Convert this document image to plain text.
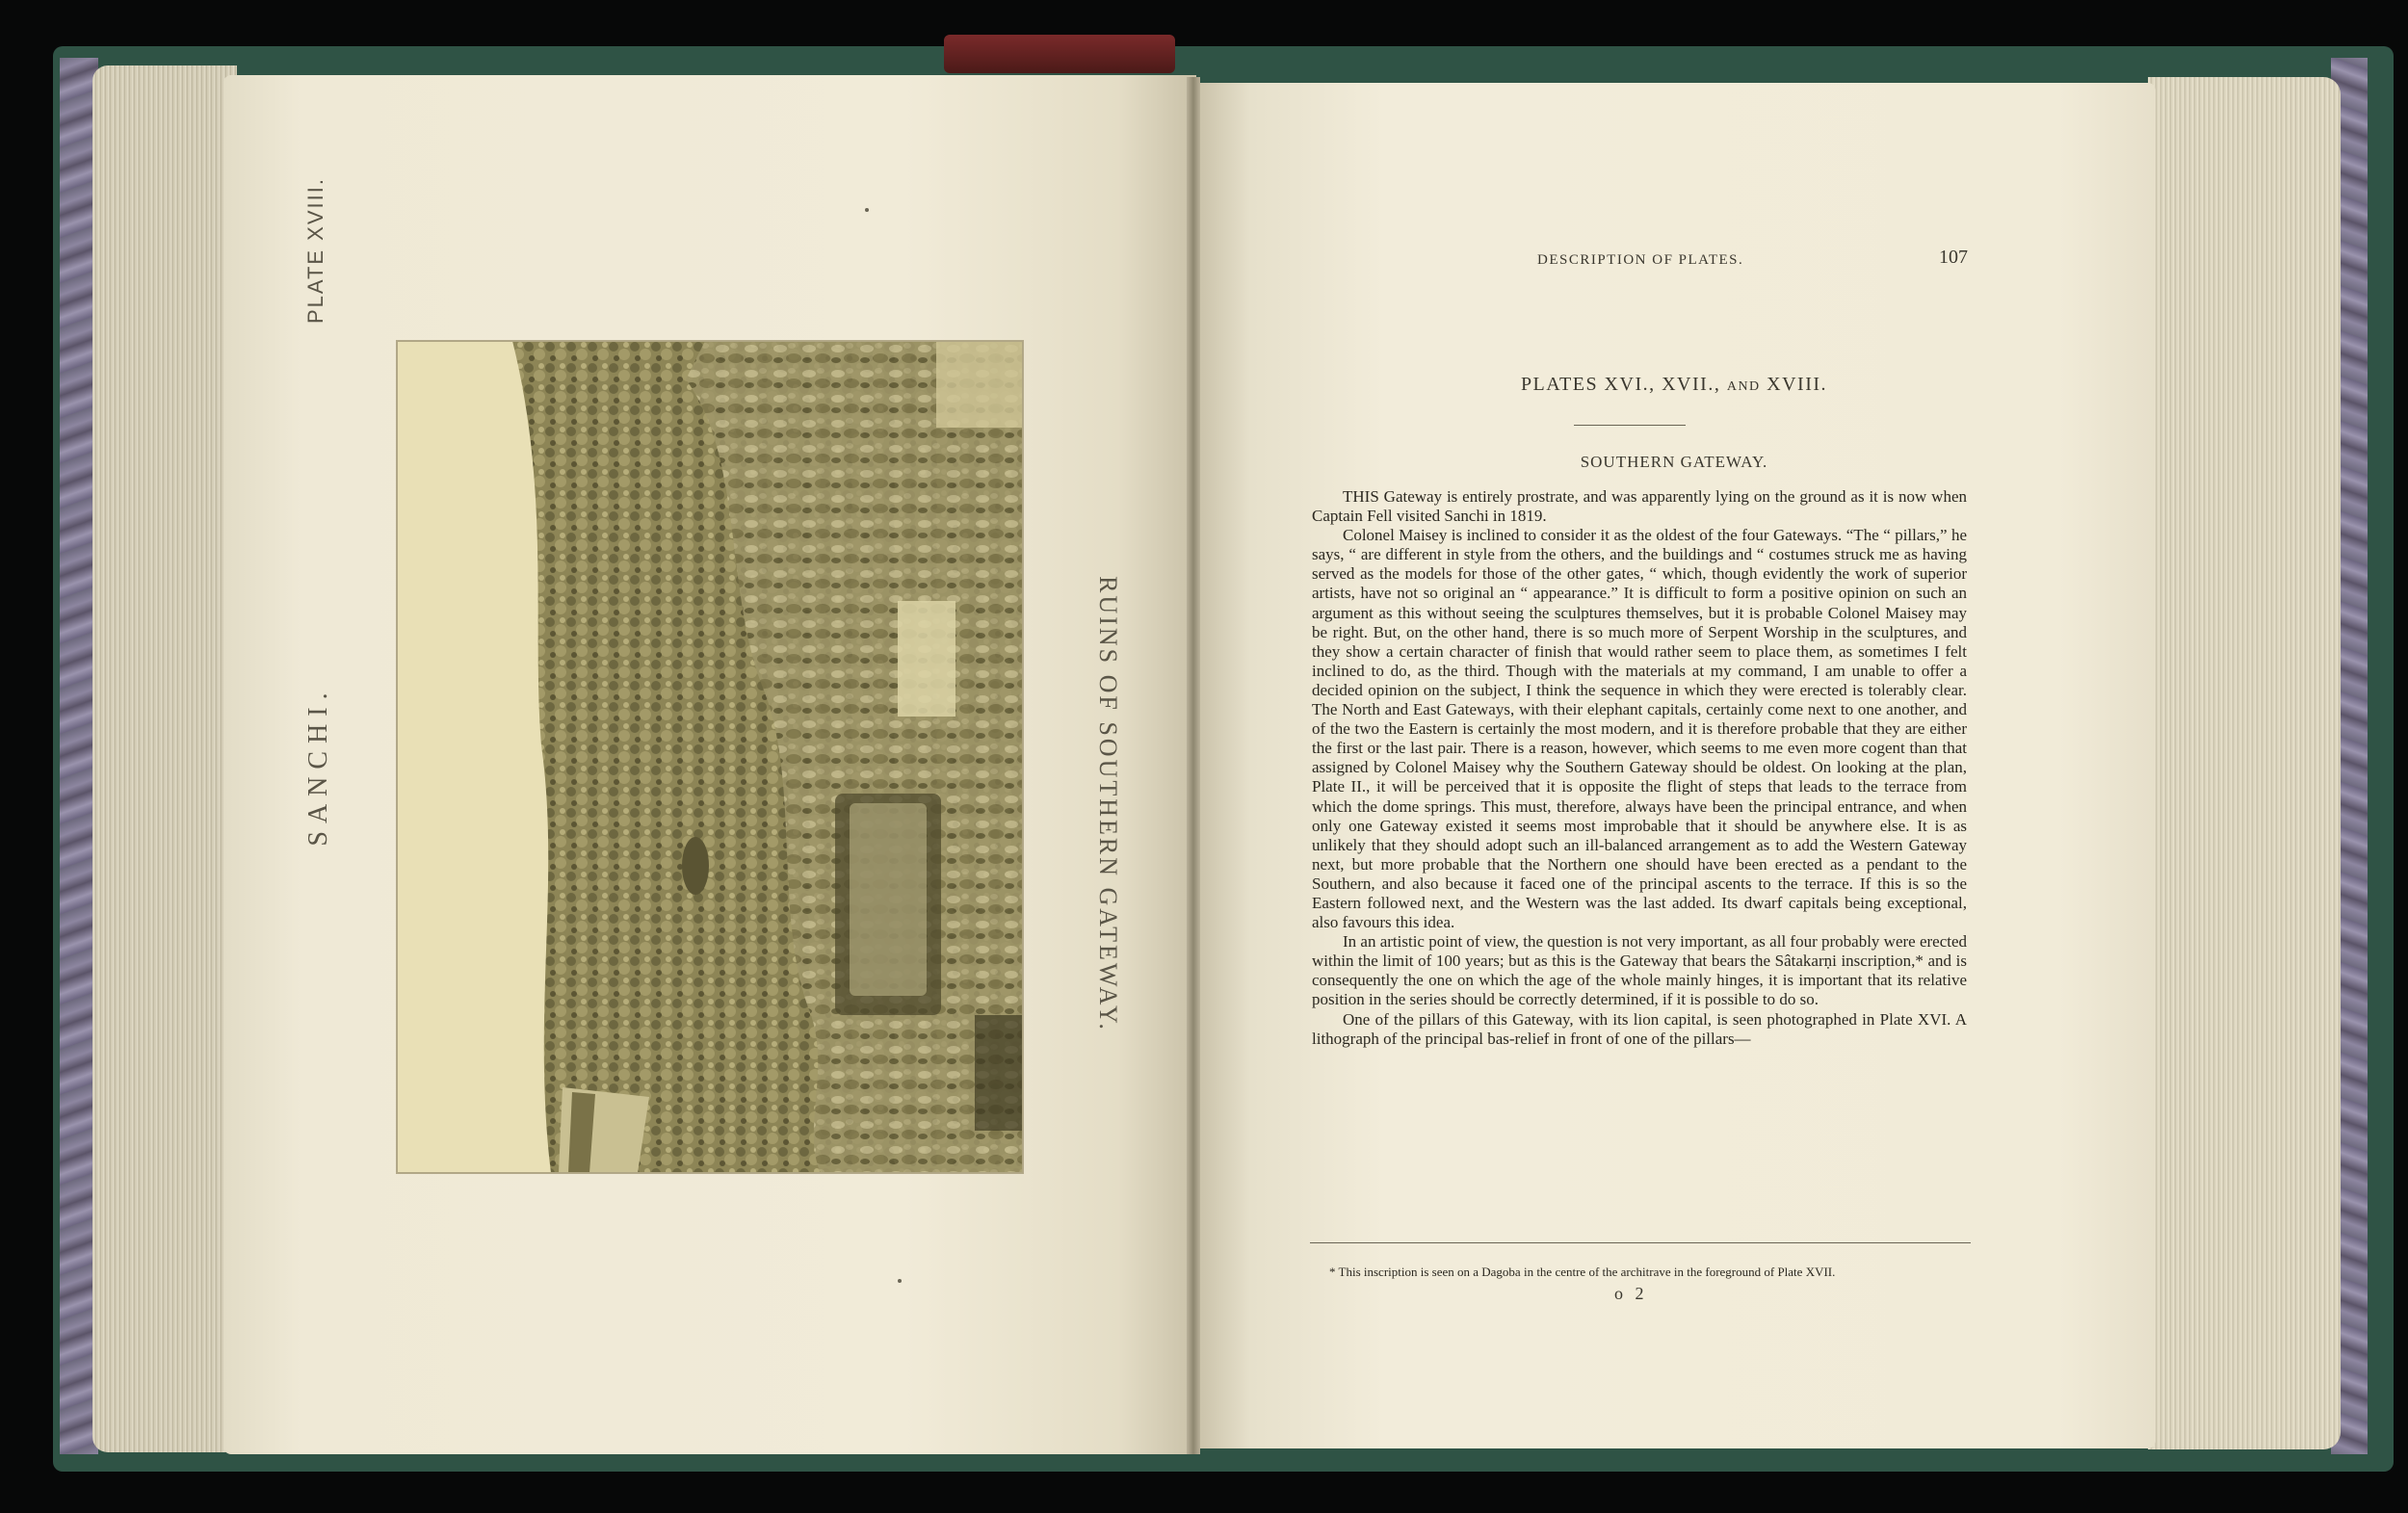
PLATE XVIII.
SANCHI.	RUINS OF SOUTHERN GATEWAY.
DESCRIPTION OF PLATES.	107
PLATES XVI., XVII., AND XVIII.
SOUTHERN GATEWAY.

THIS Gateway is entirely prostrate, and was apparently lying on the ground as it is now when Captain Fell visited Sanchi in 1819.

Colonel Maisey is inclined to consider it as the oldest of the four Gateways. “The “ pillars,” he says, “ are different in style from the others, and the buildings and “ costumes struck me as having served as the models for those of the other gates, “ which, though evidently the work of superior artists, have not so original an “ appearance.” It is difficult to form a positive opinion on such an argument as this without seeing the sculptures themselves, but it is probable Colonel Maisey may be right. But, on the other hand, there is so much more of Serpent Worship in the sculptures, and they show a certain character of finish that would rather seem to place them, as sometimes I felt inclined to do, as the third. Though with the materials at my command, I am unable to offer a decided opinion on the subject, I think the sequence in which they were erected is tolerably clear. The North and East Gateways, with their elephant capitals, certainly come next to one another, and of the two the Eastern is certainly the most modern, and it is therefore probable that they are either the first or the last pair. There is a reason, however, which seems to me even more cogent than that assigned by Colonel Maisey why the Southern Gateway should be oldest. On looking at the plan, Plate II., it will be perceived that it is opposite the flight of steps that leads to the terrace from which the dome springs. This must, therefore, always have been the principal entrance, and when only one Gateway existed it seems most improbable that it should be anywhere else. It is as unlikely that they should adopt such an ill-balanced arrangement as to add the Western Gateway next, but more probable that the Northern one should have been erected as a pendant to the Southern, and also because it faced one of the principal ascents to the terrace. If this is so the Eastern followed next, and the Western was the last added. Its dwarf capitals being exceptional, also favours this idea.

In an artistic point of view, the question is not very important, as all four probably were erected within the limit of 100 years; but as this is the Gateway that bears the Sâtakarṇi inscription,* and is consequently the one on which the age of the whole mainly hinges, it is important that its relative position in the series should be correctly determined, if it is possible to do so.

One of the pillars of this Gateway, with its lion capital, is seen photographed in Plate XVI. A lithograph of the principal bas-relief in front of one of the pillars—

* This inscription is seen on a Dagoba in the centre of the architrave in the foreground of Plate XVII.
o 2
